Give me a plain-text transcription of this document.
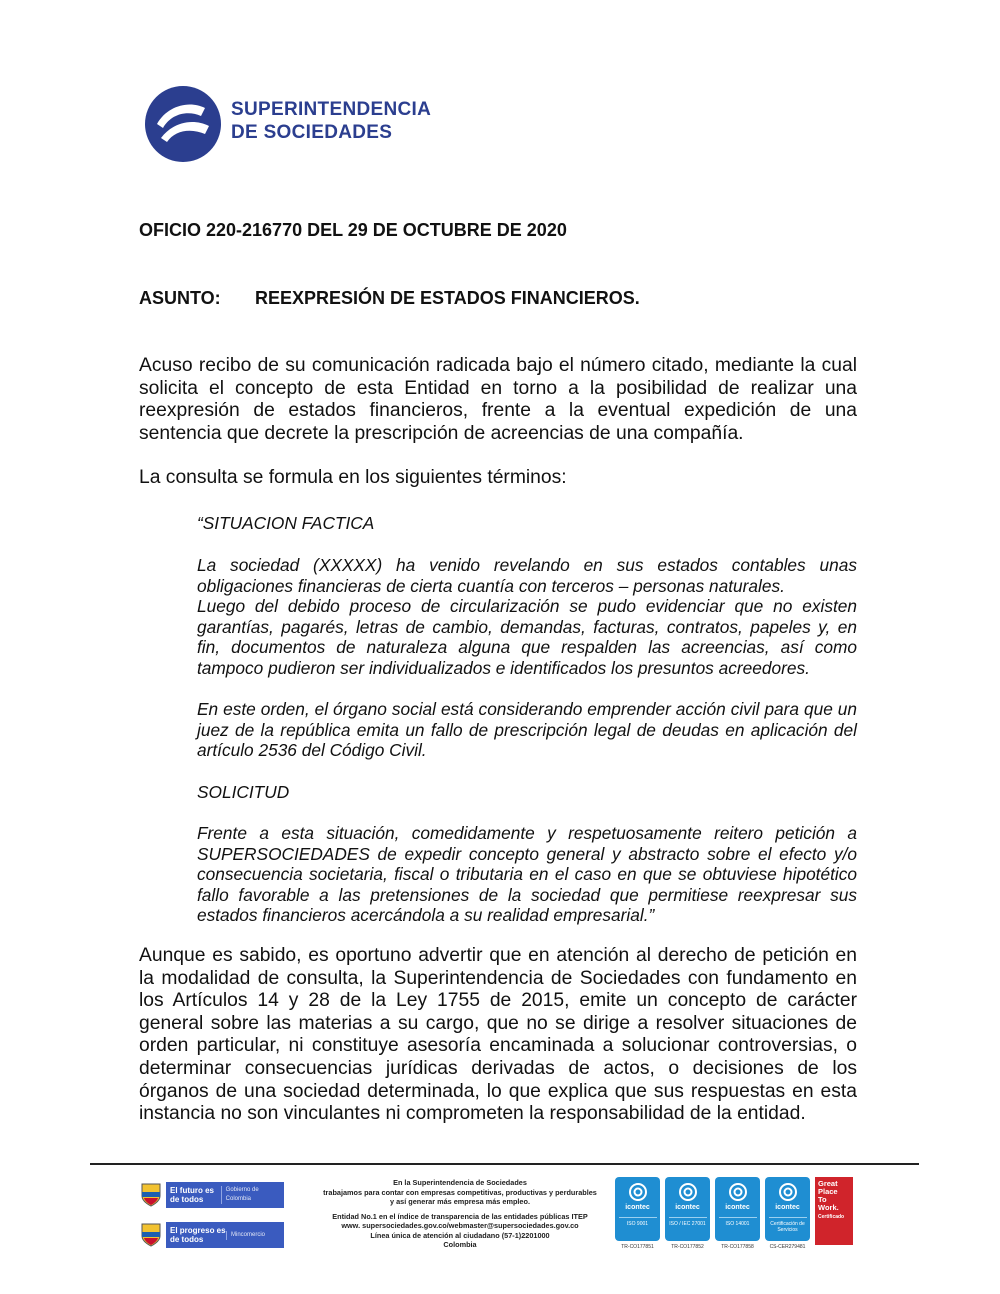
SUPERINTENDENCIA
DE SOCIEDADES
OFICIO 220-216770 DEL 29 DE OCTUBRE DE 2020
ASUNTO: REEXPRESIÓN DE ESTADOS FINANCIEROS.

Acuso recibo de su comunicación radicada bajo el número citado, mediante la cual solicita el concepto de esta Entidad en torno a la posibilidad de realizar una reexpresión de estados financieros, frente a la eventual expedición de una sentencia que decrete la prescripción de acreencias de una compañía.

La consulta se formula en los siguientes términos:

“SITUACION FACTICA

La sociedad (XXXXX) ha venido revelando en sus estados contables unas obligaciones financieras de cierta cuantía con terceros – personas naturales.

Luego del debido proceso de circularización se pudo evidenciar que no existen garantías, pagarés, letras de cambio, demandas, facturas, contratos, papeles y, en fin, documentos de naturaleza alguna que respalden las acreencias, así como tampoco pudieron ser individualizados e identificados los presuntos acreedores.

En este orden, el órgano social está considerando emprender acción civil para que un juez de la república emita un fallo de prescripción legal de deudas en aplicación del artículo 2536 del Código Civil.

SOLICITUD

Frente a esta situación, comedidamente y respetuosamente reitero petición a SUPERSOCIEDADES de expedir concepto general y abstracto sobre el efecto y/o consecuencia societaria, fiscal o tributaria en el caso en que se obtuviese hipotético fallo favorable a las pretensiones de la sociedad que permitiese reexpresar sus estados financieros acercándola a su realidad empresarial.”

Aunque es sabido, es oportuno advertir que en atención al derecho de petición en la modalidad de consulta, la Superintendencia de Sociedades con fundamento en los Artículos 14 y 28 de la Ley 1755 de 2015, emite un concepto de carácter general sobre las materias a su cargo, que no se dirige a resolver situaciones de orden particular, ni constituye asesoría encaminada a solucionar controversias, o determinar consecuencias jurídicas derivadas de actos, o decisiones de los órganos de una sociedad determinada, lo que explica que sus respuestas en esta instancia no son vinculantes ni comprometen la responsabilidad de la entidad.

El futuro es de todos
Gobierno de Colombia
El progreso es de todos
Mincomercio
En la Superintendencia de Sociedades
trabajamos para contar con empresas competitivas, productivas y perdurables
y así generar más empresa más empleo.
Entidad No.1 en el índice de transparencia de las entidades públicas ITEP
www. supersociedades.gov.co/webmaster@supersociedades.gov.co
Línea única de atención al ciudadano (57-1)2201000
Colombia
icontec
ISO 9001
TR-CO177851
icontec
ISO / IEC 27001
TR-CO177852
icontec
ISO 14001
TR-CO177858
icontec
Certificación de Servicios
CS-CER279481
Great
Place
To
Work.
Certificado
